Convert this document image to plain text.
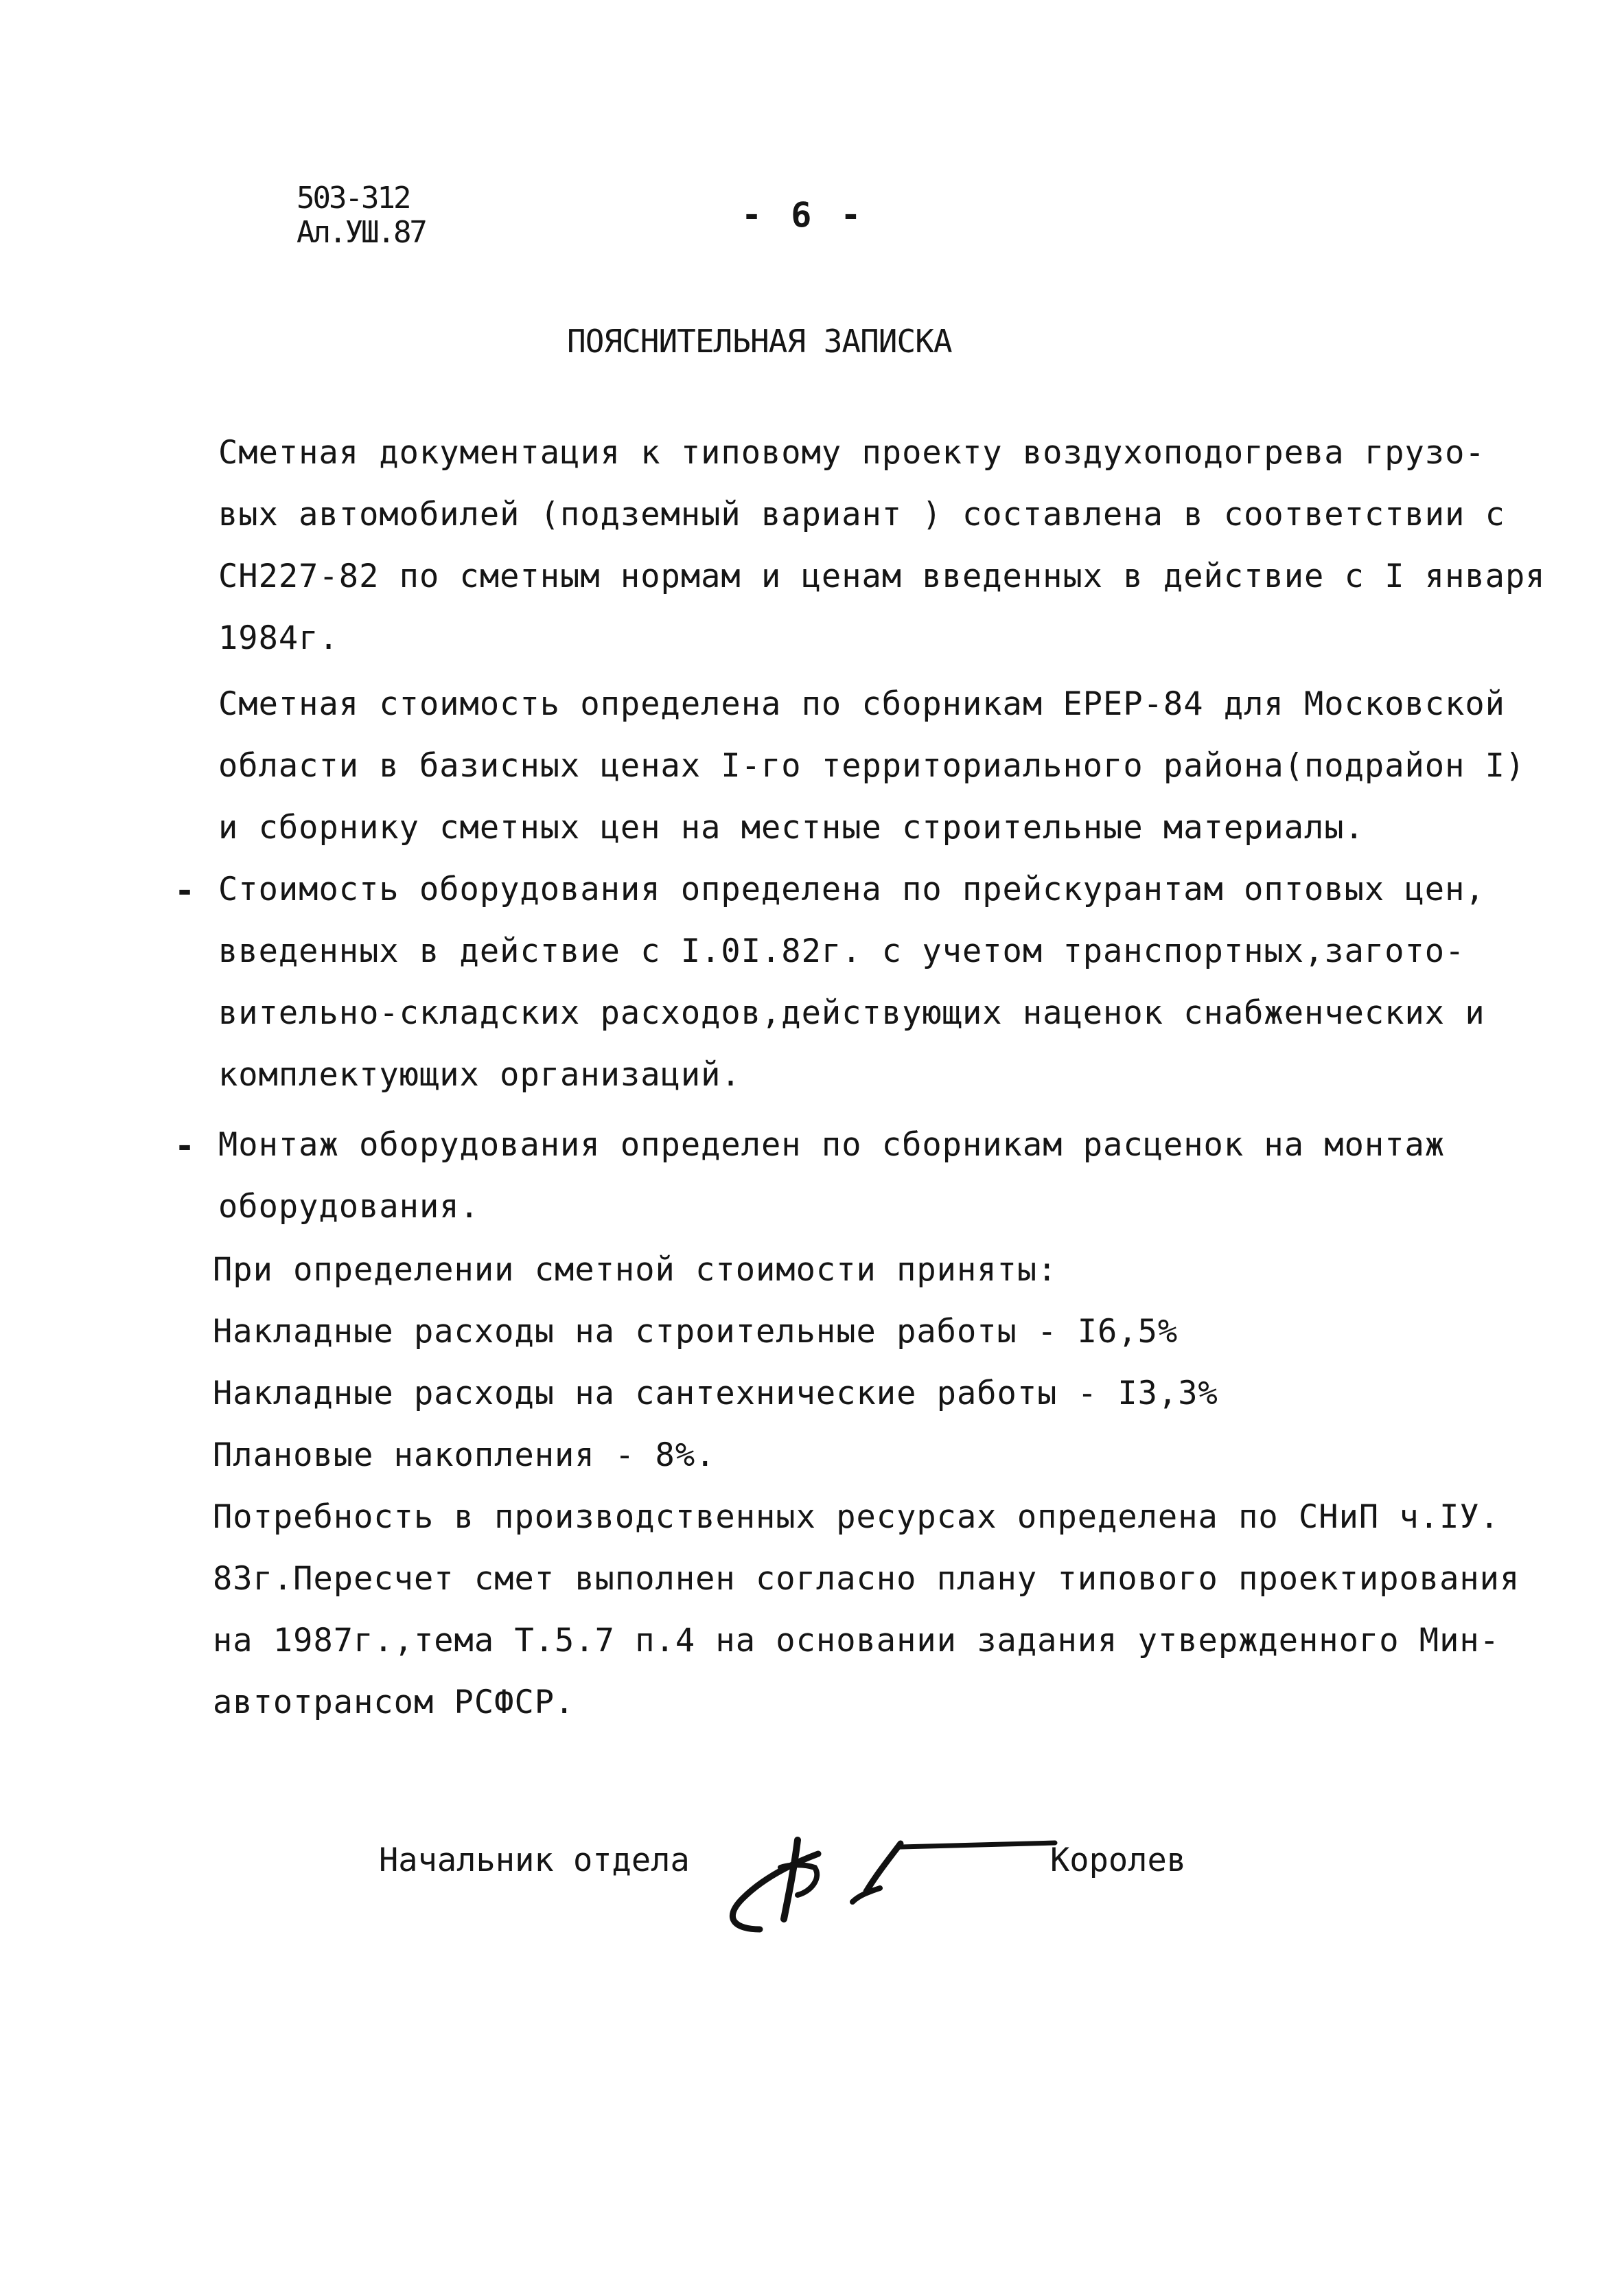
503-312
Ал.УШ.87	- 6 -
ПОЯСНИТЕЛЬНАЯ ЗАПИСКА
Сметная документация к типовому проекту воздухоподогрева грузо-
вых автомобилей (подземный вариант ) составлена в соответствии с
СН227-82 по сметным нормам и ценам введенных в действие с I января
1984г.
Сметная стоимость определена по сборникам ЕРЕР-84 для Московской
области в базисных ценах I-го территориального района(подрайон I)
и сборнику сметных цен на местные строительные материалы.
- Стоимость оборудования определена по прейскурантам оптовых цен,
введенных в действие с I.0I.82г. с учетом транспортных,загото-
вительно-складских расходов,действующих наценок снабженческих и
комплектующих организаций.
- Монтаж оборудования определен по сборникам расценок на монтаж
оборудования.
При определении сметной стоимости приняты:
Накладные расходы на строительные работы - I6,5%
Накладные расходы на сантехнические работы - I3,3%
Плановые накопления - 8%.
Потребность в производственных ресурсах определена по СНиП ч.IУ.
83г.Пересчет смет выполнен согласно плану типового проектирования
на 1987г.,тема Т.5.7 п.4 на основании задания утвержденного Мин-
автотрансом РСФСР.
Начальник отдела	Королев
